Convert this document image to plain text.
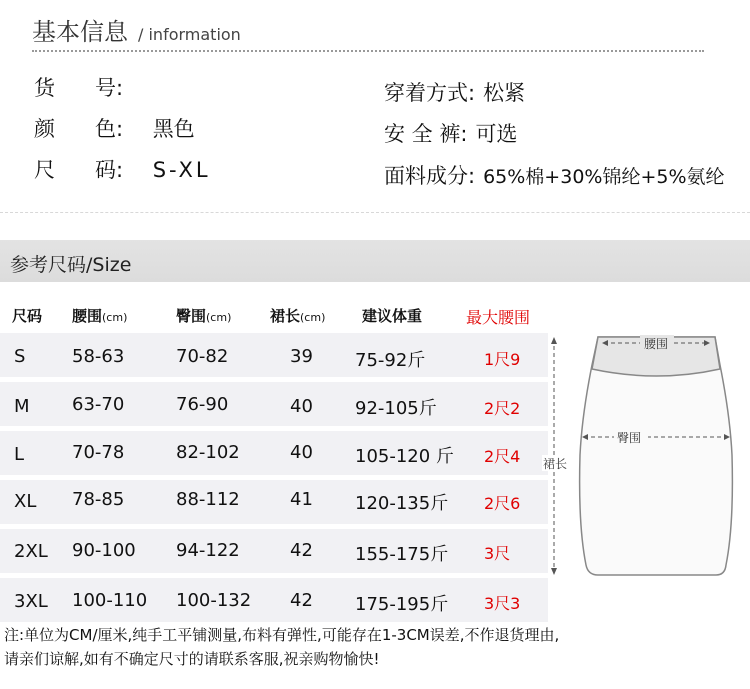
基本信息 / information
货 号:
颜 色: 黑色
尺 码: S-XL
穿着方式: 松紧
安 全 裤: 可选
面料成分: 65%棉+30%锦纶+5%氨纶
参考尺码/Size
尺码 腰围(cm)	臀围(cm)	裙长(cm) 建议体重	最大腰围
S	58-63	70-82	39 75-92斤	1尺9
M 63-70	76-90	40 92-105斤	2尺2
L	70-78	82-102	40 105-120 斤 2尺4
XL 78-85	88-112	41 120-135斤 2尺6
2XL 90-100 94-122	42 155-175斤 3尺
3XL 100-110 100-132 42 175-195斤 3尺3
腰围
臀围
裙长
注:单位为CM/厘米,纯手工平铺测量,布料有弹性,可能存在1-3CM误差,不作退货理由,
请亲们谅解,如有不确定尺寸的请联系客服,祝亲购物愉快!
